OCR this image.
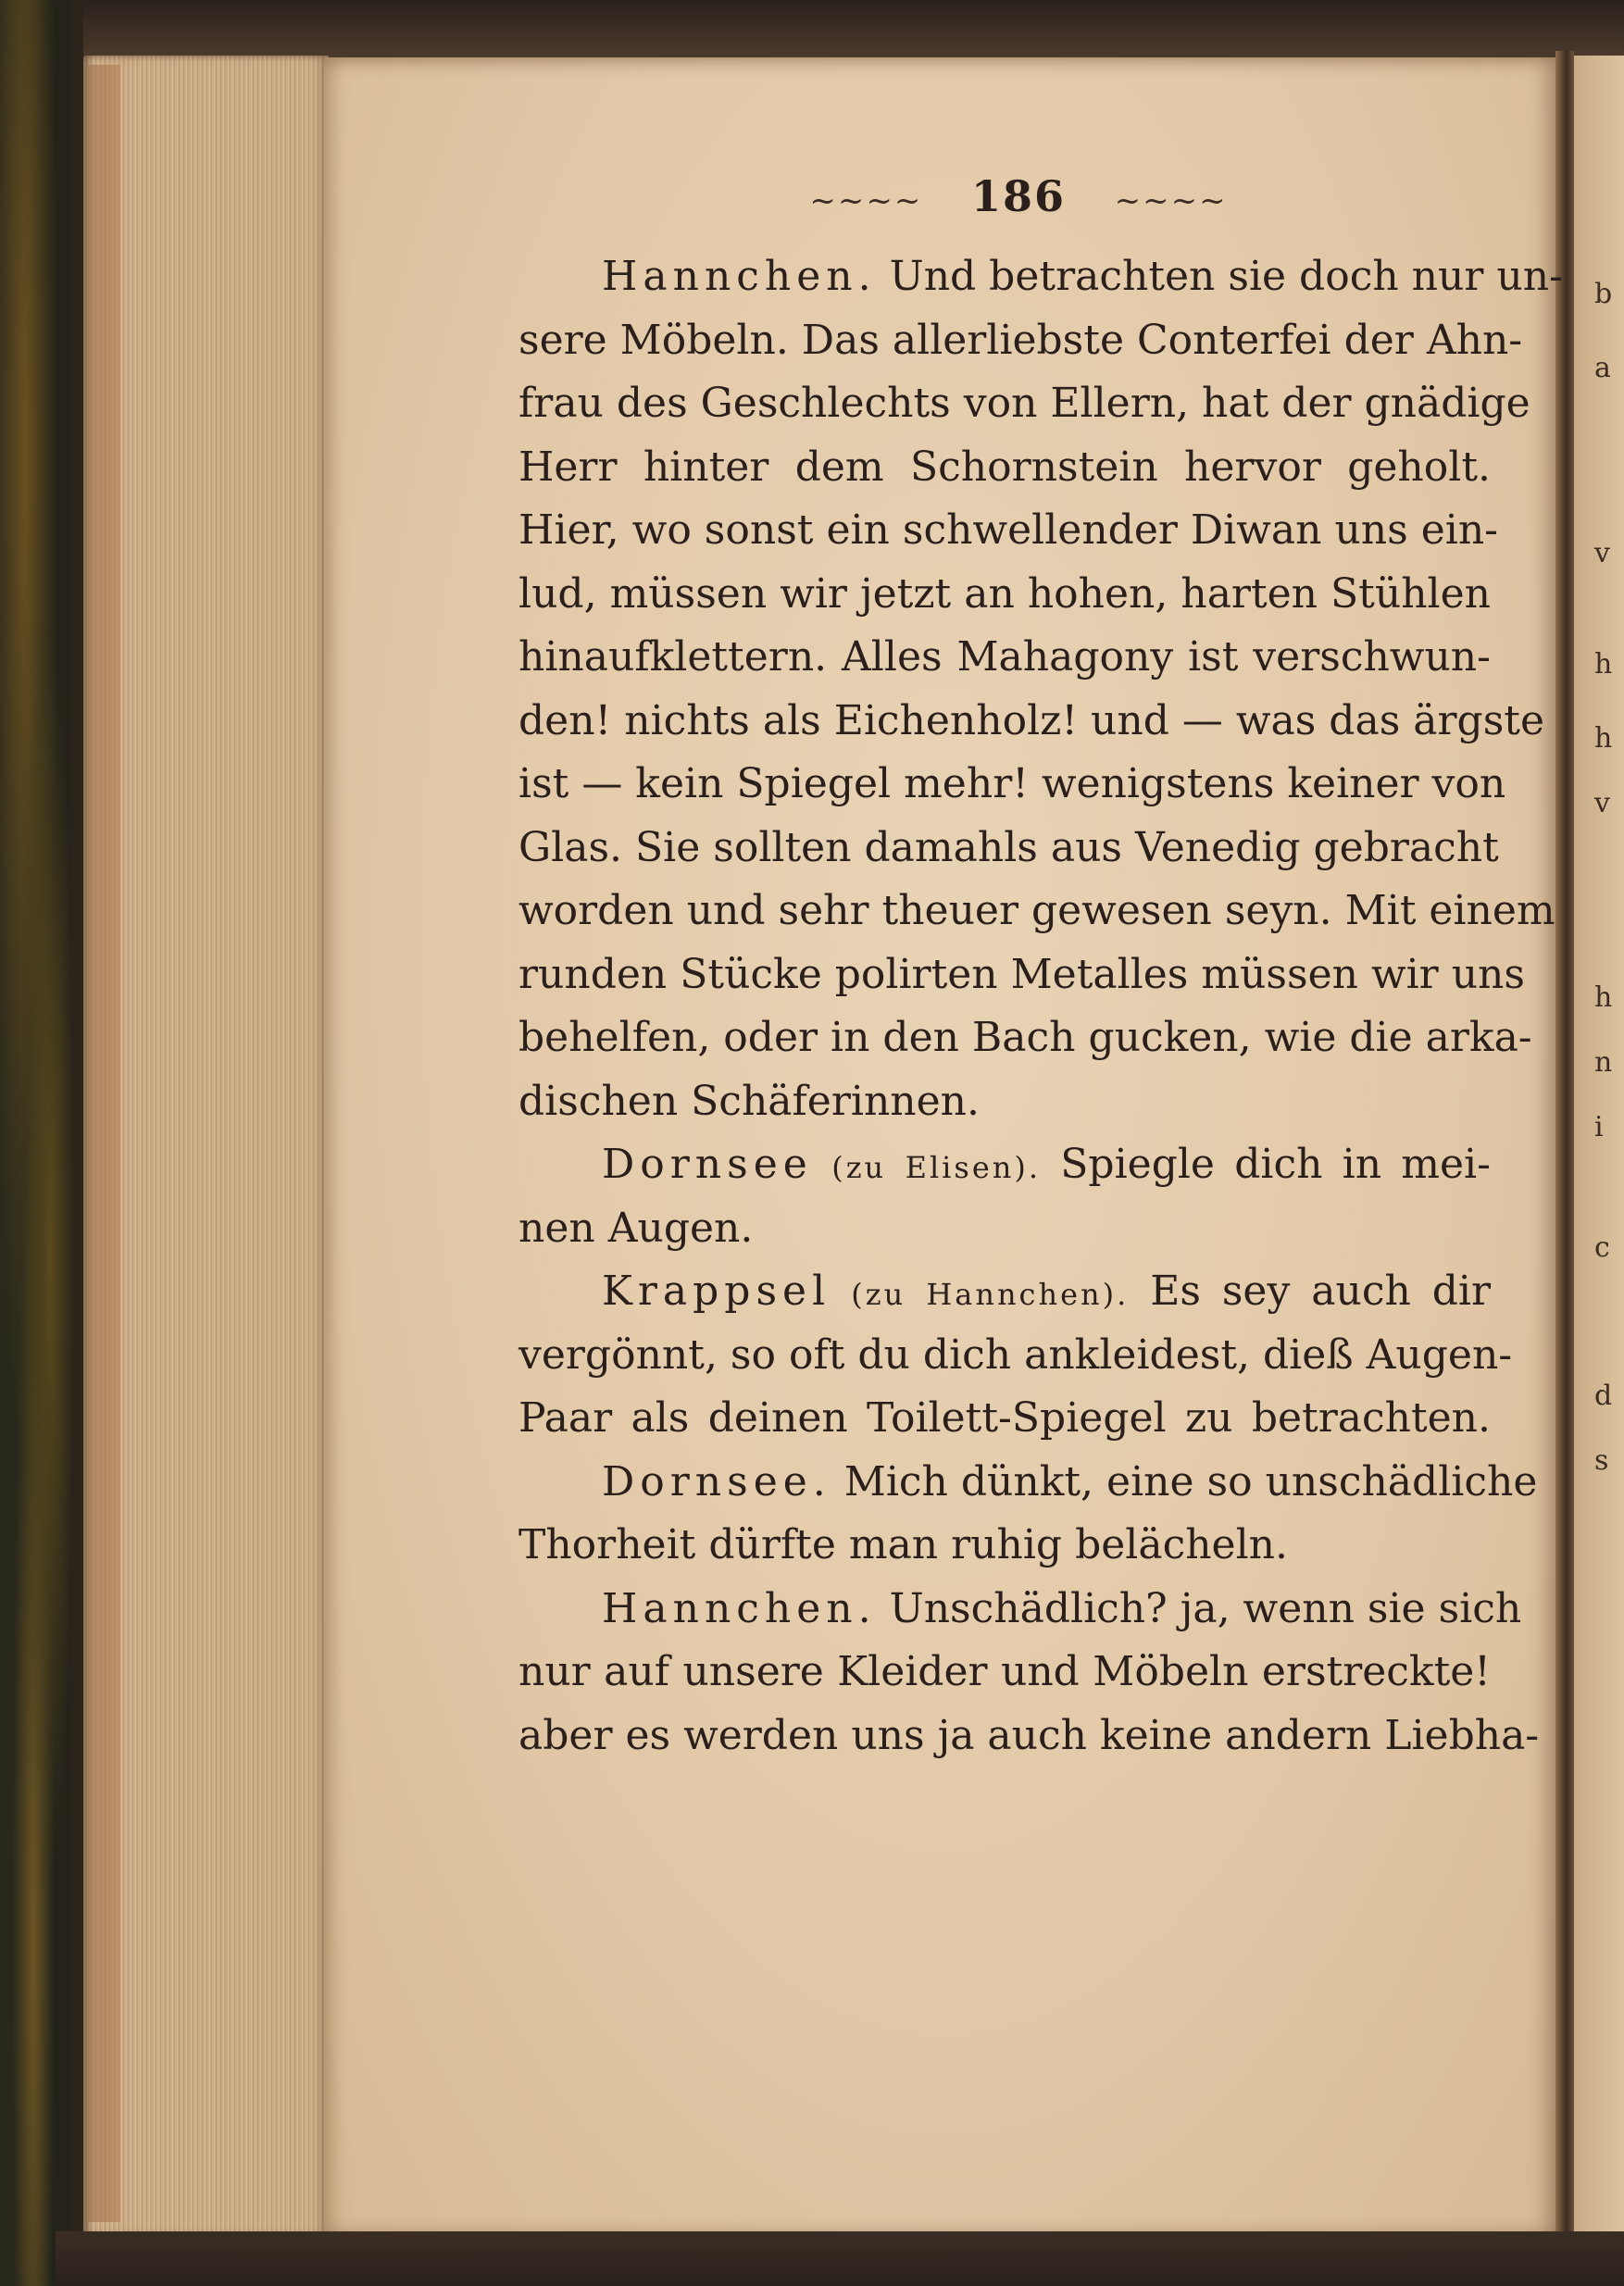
b
a
v
h
h
v
h
n
i
c
d
s
~~~~ 186 ~~~~
Hannchen. Und betrachten sie doch nur un-
sere Möbeln. Das allerliebste Conterfei der Ahn-
frau des Geschlechts von Ellern, hat der gnädige
Herr hinter dem Schornstein hervor geholt.
Hier, wo sonst ein schwellender Diwan uns ein-
lud, müssen wir jetzt an hohen, harten Stühlen
hinaufklettern. Alles Mahagony ist verschwun-
den! nichts als Eichenholz! und — was das ärgste
ist — kein Spiegel mehr! wenigstens keiner von
Glas. Sie sollten damahls aus Venedig gebracht
worden und sehr theuer gewesen seyn. Mit einem
runden Stücke polirten Metalles müssen wir uns
behelfen, oder in den Bach gucken, wie die arka-
dischen Schäferinnen.
Dornsee (zu Elisen). Spiegle dich in mei-
nen Augen.
Krappsel (zu Hannchen). Es sey auch dir
vergönnt, so oft du dich ankleidest, dieß Augen-
Paar als deinen Toilett-Spiegel zu betrachten.
Dornsee. Mich dünkt, eine so unschädliche
Thorheit dürfte man ruhig belächeln.
Hannchen. Unschädlich? ja, wenn sie sich
nur auf unsere Kleider und Möbeln erstreckte!
aber es werden uns ja auch keine andern Liebha-
